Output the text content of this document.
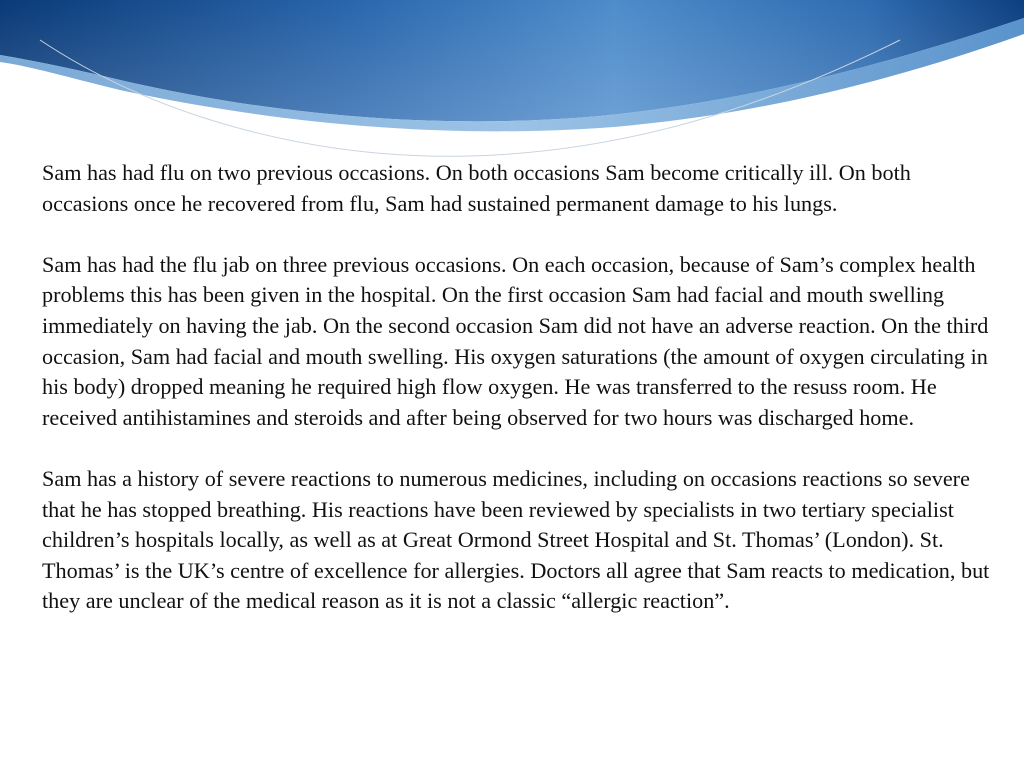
Sam has had flu on two previous occasions. On both occasions Sam become critically ill. On both occasions once he recovered from flu, Sam had sustained permanent damage to his lungs.

Sam has had the flu jab on three previous occasions. On each occasion, because of Sam’s complex health problems this has been given in the hospital. On the first occasion Sam had facial and mouth swelling immediately on having the jab. On the second occasion Sam did not have an adverse reaction. On the third occasion, Sam had facial and mouth swelling. His oxygen saturations (the amount of oxygen circulating in his body) dropped meaning he required high flow oxygen. He was transferred to the resuss room. He received antihistamines and steroids and after being observed for two hours was discharged home.

Sam has a history of severe reactions to numerous medicines, including on occasions reactions so severe that he has stopped breathing. His reactions have been reviewed by specialists in two tertiary specialist children’s hospitals locally, as well as at Great Ormond Street Hospital and St. Thomas’ (London). St. Thomas’ is the UK’s centre of excellence for allergies. Doctors all agree that Sam reacts to medication, but they are unclear of the medical reason as it is not a classic “allergic reaction”.
